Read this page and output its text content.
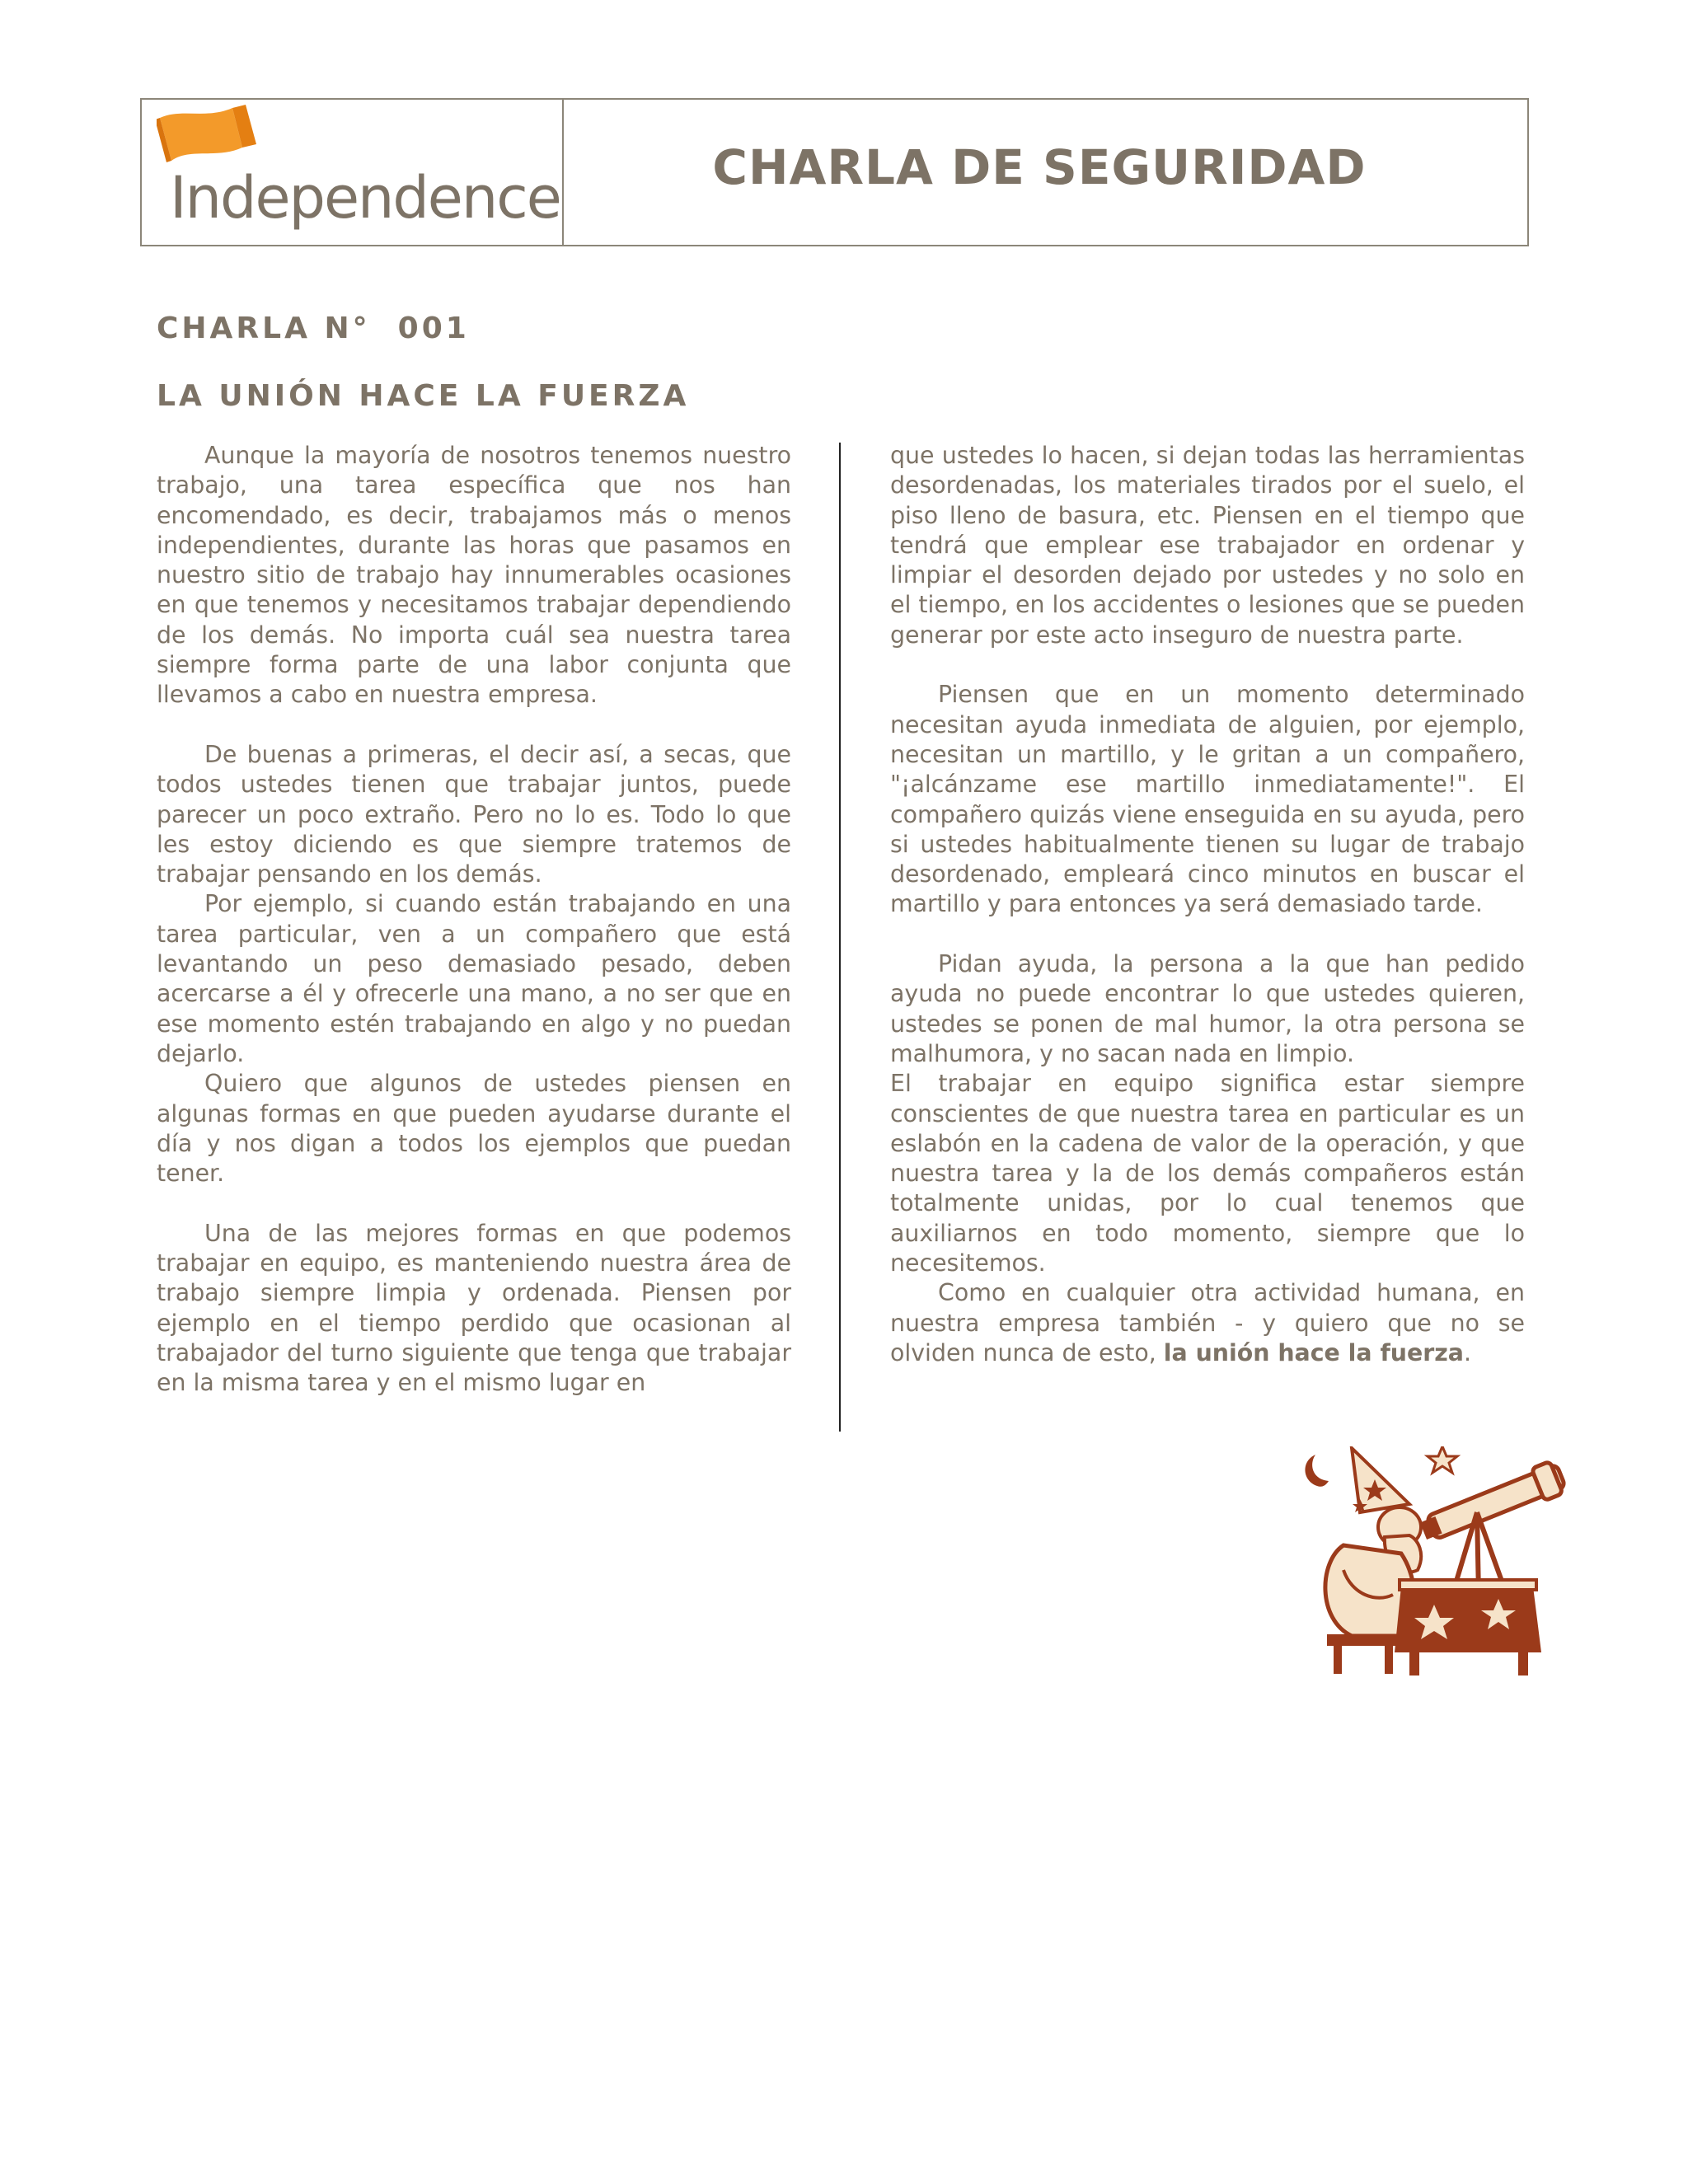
Independence	CHARLA DE SEGURIDAD
CHARLA N°  001
LA UNIÓN HACE LA FUERZA

Aunque la mayoría de nosotros tenemos nuestro trabajo, una tarea específica que nos han encomendado, es decir, trabajamos más o menos independientes, durante las horas que pasamos en nuestro sitio de trabajo hay innumerables ocasiones en que tenemos y necesitamos trabajar dependiendo de los demás. No importa cuál sea nuestra tarea siempre forma parte de una labor conjunta que llevamos a cabo en nuestra empresa.

De buenas a primeras, el decir así, a secas, que todos ustedes tienen que trabajar juntos, puede parecer un poco extraño. Pero no lo es. Todo lo que les estoy diciendo es que siempre tratemos de trabajar pensando en los demás.

Por ejemplo, si cuando están trabajando en una tarea particular, ven a un compañero que está levantando un peso demasiado pesado, deben acercarse a él y ofrecerle una mano, a no ser que en ese momento estén trabajando en algo y no puedan dejarlo.

Quiero que algunos de ustedes piensen en algunas formas en que pueden ayudarse durante el día y nos digan a todos los ejemplos que puedan tener.

Una de las mejores formas en que podemos trabajar en equipo, es manteniendo nuestra área de trabajo siempre limpia y ordenada. Piensen por ejemplo en el tiempo perdido que ocasionan al trabajador del turno siguiente que tenga que trabajar en la misma tarea y en el mismo lugar en

que ustedes lo hacen, si dejan todas las herramientas desordenadas, los materiales tirados por el suelo, el piso lleno de basura, etc. Piensen en el tiempo que tendrá que emplear ese trabajador en ordenar y limpiar el desorden dejado por ustedes y no solo en el tiempo, en los accidentes o lesiones que se pueden generar por este acto inseguro de nuestra parte.

Piensen que en un momento determinado necesitan ayuda inmediata de alguien, por ejemplo, necesitan un martillo, y le gritan a un compañero, "¡alcánzame ese martillo inmediatamente!". El compañero quizás viene enseguida en su ayuda, pero si ustedes habitualmente tienen su lugar de trabajo desordenado, empleará cinco minutos en buscar el martillo y para entonces ya será demasiado tarde.

Pidan ayuda, la persona a la que han pedido ayuda no puede encontrar lo que ustedes quieren, ustedes se ponen de mal humor, la otra persona se malhumora, y no sacan nada en limpio.

El trabajar en equipo significa estar siempre conscientes de que nuestra tarea en particular es un eslabón en la cadena de valor de la operación, y que nuestra tarea y la de los demás compañeros están totalmente unidas, por lo cual tenemos que auxiliarnos en todo momento, siempre que lo necesitemos.

Como en cualquier otra actividad humana, en nuestra empresa también - y quiero que no se olviden nunca de esto, la unión hace la fuerza.
